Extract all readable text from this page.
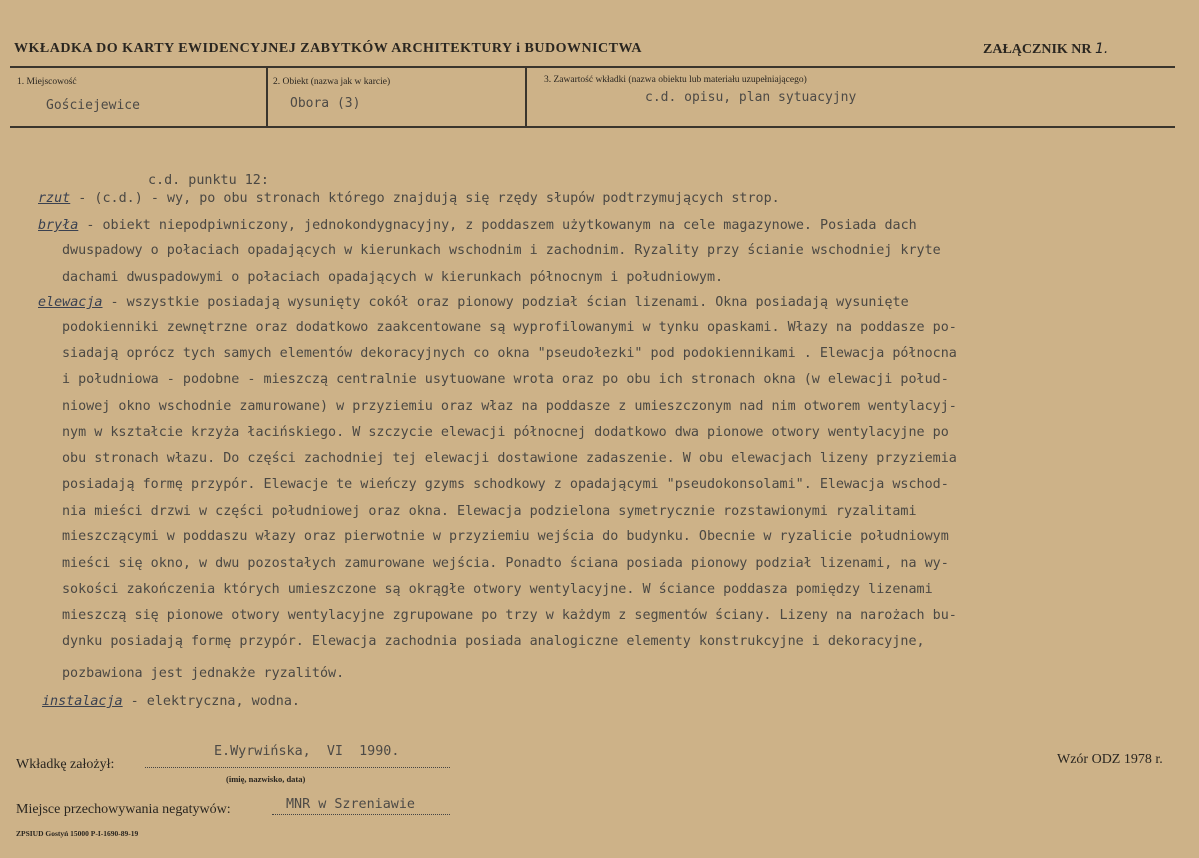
WKŁADKA DO KARTY EWIDENCYJNEJ ZABYTKÓW ARCHITEKTURY i BUDOWNICTWA	ZAŁĄCZNIK NR 1.
1. Miejscowość
Gościejewice
2. Obiekt (nazwa jak w karcie)
Obora (3)
3. Zawartość wkładki (nazwa obiektu lub materiału uzupełniającego)
c.d. opisu, plan sytuacyjny
c.d. punktu 12:
rzut - (c.d.) - wy, po obu stronach którego znajdują się rzędy słupów podtrzymujących strop.
bryła - obiekt niepodpiwniczony, jednokondygnacyjny, z poddaszem użytkowanym na cele magazynowe. Posiada dach
dwuspadowy o połaciach opadających w kierunkach wschodnim i zachodnim. Ryzality przy ścianie wschodniej kryte
dachami dwuspadowymi o połaciach opadających w kierunkach północnym i południowym.
elewacja - wszystkie posiadają wysunięty cokół oraz pionowy podział ścian lizenami. Okna posiadają wysunięte
podokienniki zewnętrzne oraz dodatkowo zaakcentowane są wyprofilowanymi w tynku opaskami. Włazy na poddasze po-
siadają oprócz tych samych elementów dekoracyjnych co okna "pseudołezki" pod podokiennikami . Elewacja północna
i południowa - podobne - mieszczą centralnie usytuowane wrota oraz po obu ich stronach okna (w elewacji połud-
niowej okno wschodnie zamurowane) w przyziemiu oraz właz na poddasze z umieszczonym nad nim otworem wentylacyj-
nym w kształcie krzyża łacińskiego. W szczycie elewacji północnej dodatkowo dwa pionowe otwory wentylacyjne po
obu stronach włazu. Do części zachodniej tej elewacji dostawione zadaszenie. W obu elewacjach lizeny przyziemia
posiadają formę przypór. Elewacje te wieńczy gzyms schodkowy z opadającymi "pseudokonsolami". Elewacja wschod-
nia mieści drzwi w części południowej oraz okna. Elewacja podzielona symetrycznie rozstawionymi ryzalitami
mieszczącymi w poddaszu włazy oraz pierwotnie w przyziemiu wejścia do budynku. Obecnie w ryzalicie południowym
mieści się okno, w dwu pozostałych zamurowane wejścia. Ponadto ściana posiada pionowy podział lizenami, na wy-
sokości zakończenia których umieszczone są okrągłe otwory wentylacyjne. W ściance poddasza pomiędzy lizenami
mieszczą się pionowe otwory wentylacyjne zgrupowane po trzy w każdym z segmentów ściany. Lizeny na narożach bu-
dynku posiadają formę przypór. Elewacja zachodnia posiada analogiczne elementy konstrukcyjne i dekoracyjne,
pozbawiona jest jednakże ryzalitów.
instalacja - elektryczna, wodna.
Wkładkę założył:
E.Wyrwińska,  VI  1990.
(imię, nazwisko, data)
Wzór ODZ 1978 r.
Miejsce przechowywania negatywów:	MNR w Szreniawie
ZPSIUD Gostyń 15000 P-I-1690-89-19
